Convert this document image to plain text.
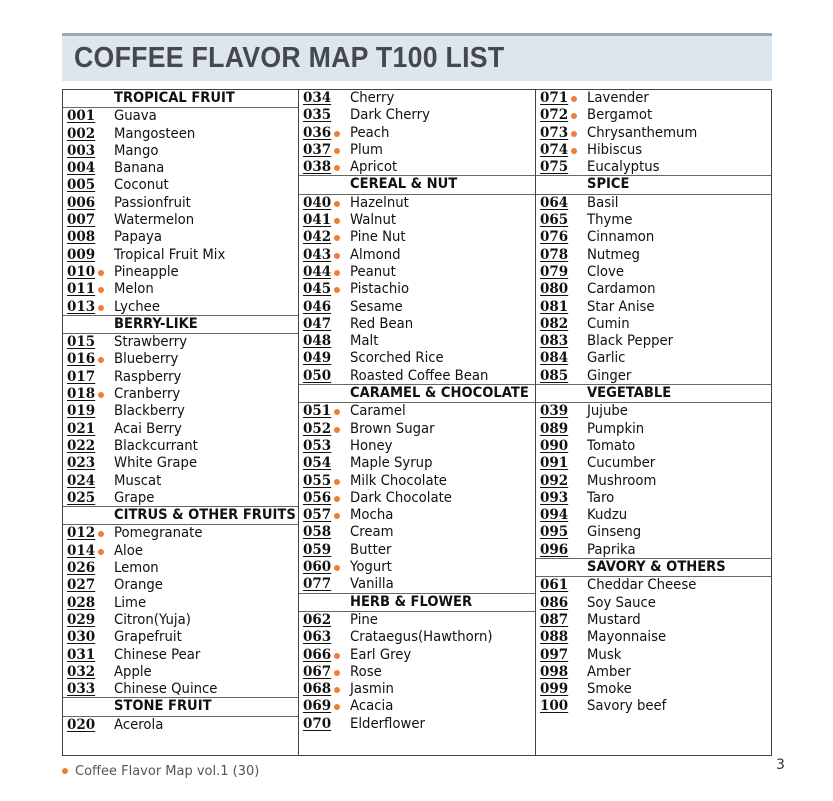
COFFEE FLAVOR MAP T100 LIST
TROPICAL FRUIT
001 Guava
002 Mangosteen
003 Mango
004 Banana
005 Coconut
006 Passionfruit
007 Watermelon
008 Papaya
009 Tropical Fruit Mix
010 Pineapple
011 Melon
013 Lychee
BERRY-LIKE
015 Strawberry
016 Blueberry
017 Raspberry
018 Cranberry
019 Blackberry
021 Acai Berry
022 Blackcurrant
023 White Grape
024 Muscat
025 Grape
CITRUS & OTHER FRUITS
012 Pomegranate
014 Aloe
026 Lemon
027 Orange
028 Lime
029 Citron(Yuja)
030 Grapefruit
031 Chinese Pear
032 Apple
033 Chinese Quince
STONE FRUIT
020 Acerola
034 Cherry
035 Dark Cherry
036 Peach
037 Plum
038 Apricot
CEREAL & NUT
040 Hazelnut
041 Walnut
042 Pine Nut
043 Almond
044 Peanut
045 Pistachio
046 Sesame
047 Red Bean
048 Malt
049 Scorched Rice
050 Roasted Coffee Bean
CARAMEL & CHOCOLATE
051 Caramel
052 Brown Sugar
053 Honey
054 Maple Syrup
055 Milk Chocolate
056 Dark Chocolate
057 Mocha
058 Cream
059 Butter
060 Yogurt
077 Vanilla
HERB & FLOWER
062 Pine
063 Crataegus(Hawthorn)
066 Earl Grey
067 Rose
068 Jasmin
069 Acacia
070 Elderflower
071 Lavender
072 Bergamot
073 Chrysanthemum
074 Hibiscus
075 Eucalyptus
SPICE
064 Basil
065 Thyme
076 Cinnamon
078 Nutmeg
079 Clove
080 Cardamon
081 Star Anise
082 Cumin
083 Black Pepper
084 Garlic
085 Ginger
VEGETABLE
039 Jujube
089 Pumpkin
090 Tomato
091 Cucumber
092 Mushroom
093 Taro
094 Kudzu
095 Ginseng
096 Paprika
SAVORY & OTHERS
061 Cheddar Cheese
086 Soy Sauce
087 Mustard
088 Mayonnaise
097 Musk
098 Amber
099 Smoke
100 Savory beef
Coffee Flavor Map vol.1 (30)	3
